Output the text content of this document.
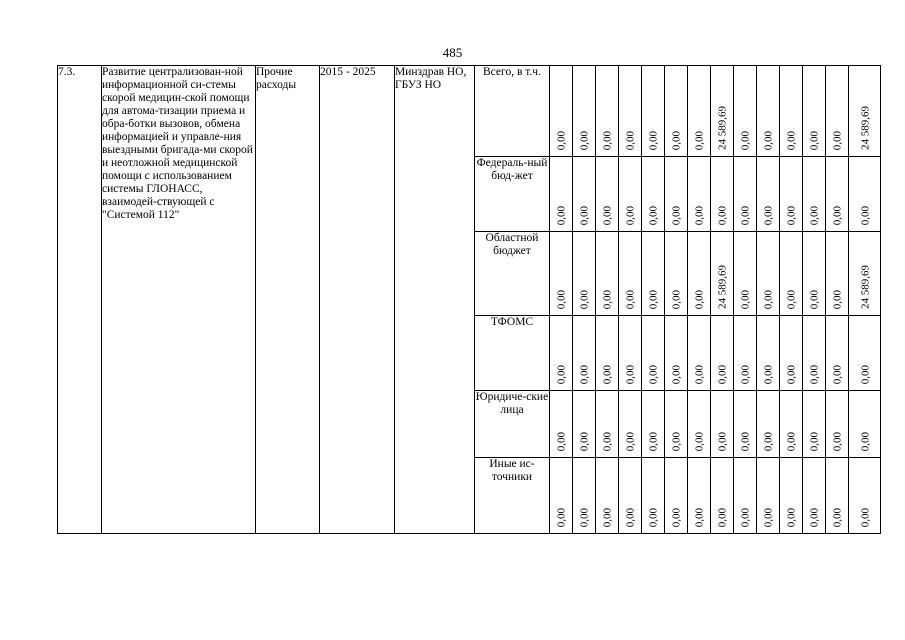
485
7.3.	Развитие централизован-ной информационной си-стемы скорой медицин-ской помощи для автома-тизации приема и обра-ботки вызовов, обмена информацией и управле-ния выездными бригада-ми скорой и неотложной медицинской помощи с использованием системы ГЛОНАСС, взаимодей-ствующей с "Системой 112"	Прочие расходы	2015 - 2025	Минздрав НО, ГБУЗ НО	Всего, в т.ч.	0,00	0,00	0,00	0,00	0,00	0,00	0,00	24 589,69	0,00	0,00	0,00	0,00	0,00	24 589,69

					Федераль-ный бюд-жет	0,00	0,00	0,00	0,00	0,00	0,00	0,00	0,00	0,00	0,00	0,00	0,00	0,00	0,00

					Областной бюджет	0,00	0,00	0,00	0,00	0,00	0,00	0,00	24 589,69	0,00	0,00	0,00	0,00	0,00	24 589,69

					ТФОМС	0,00	0,00	0,00	0,00	0,00	0,00	0,00	0,00	0,00	0,00	0,00	0,00	0,00	0,00

					Юридиче-ские лица	0,00	0,00	0,00	0,00	0,00	0,00	0,00	0,00	0,00	0,00	0,00	0,00	0,00	0,00

					Иные ис-точники	0,00	0,00	0,00	0,00	0,00	0,00	0,00	0,00	0,00	0,00	0,00	0,00	0,00	0,00
